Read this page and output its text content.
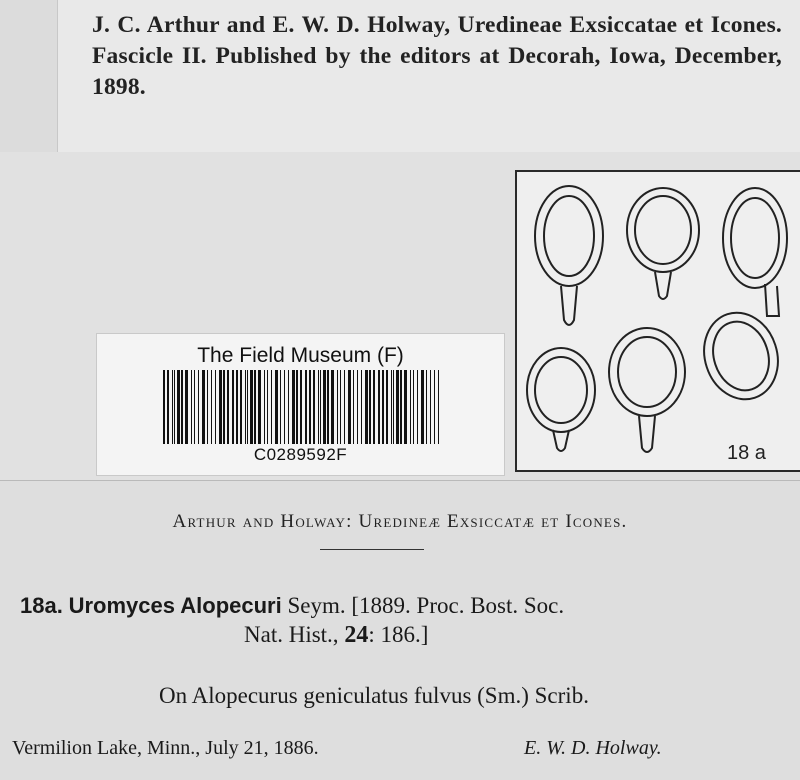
J. C. Arthur and E. W. D. Holway, Uredineae Exsiccatae et Icones. Fascicle II. Published by the editors at Decorah, Iowa, December, 1898.

The Field Museum (F)
C0289592F	18 a
Arthur and Holway: Uredineæ Exsiccatæ et Icones.
18a. Uromyces Alopecuri Seym. [1889. Proc. Bost. Soc.
Nat. Hist., 24: 186.]
On Alopecurus geniculatus fulvus (Sm.) Scrib.
Vermilion Lake, Minn., July 21, 1886.	E. W. D. Holway.
